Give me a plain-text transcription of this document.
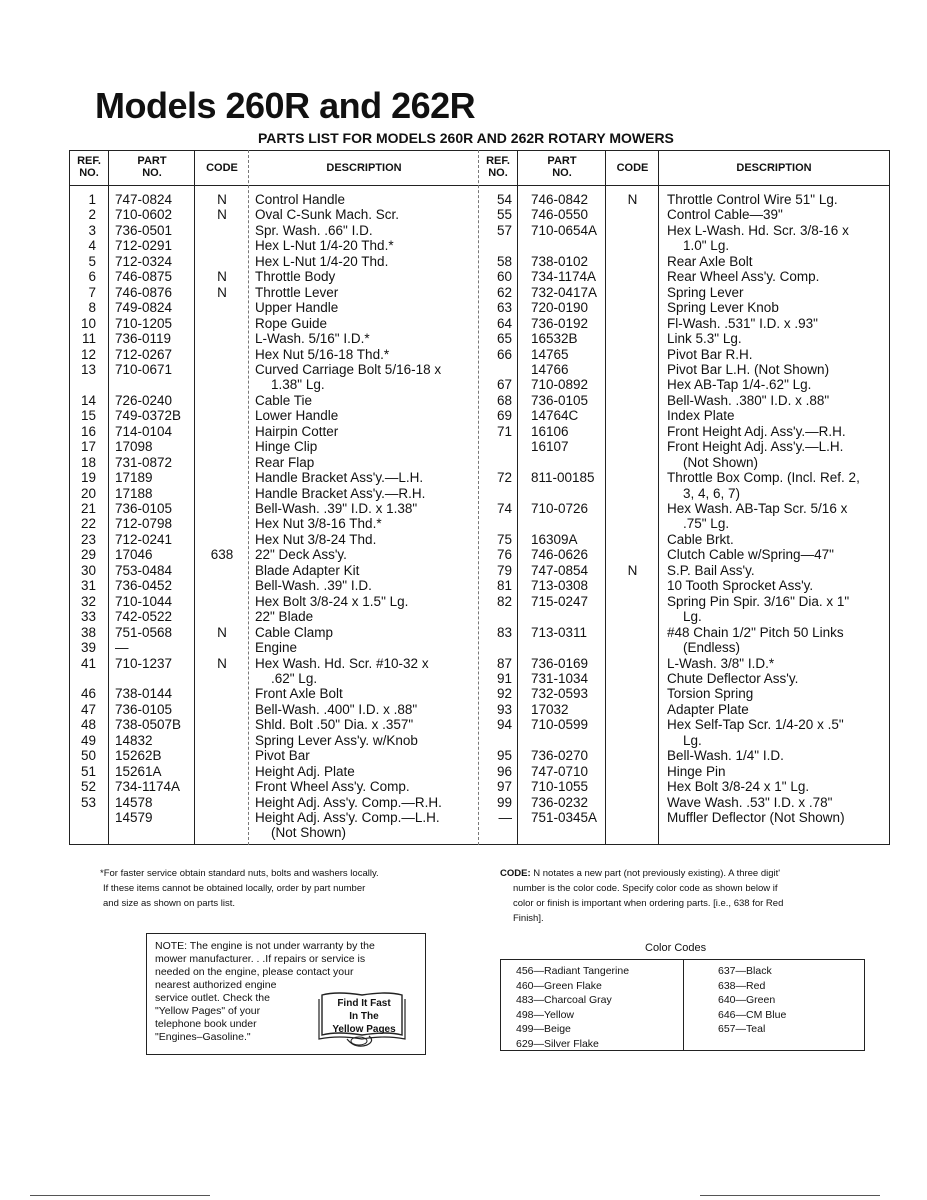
Models 260R and 262R
PARTS LIST FOR MODELS 260R AND 262R ROTARY MOWERS
REF.
NO.
PART
NO.	CODE	DESCRIPTION
REF.
NO.
PART
NO.	CODE	DESCRIPTION
1 747-0824	N	Control Handle
2 710-0602	N	Oval C-Sunk Mach. Scr.
3 736-0501	Spr. Wash. .66" I.D.
4 712-0291	Hex L-Nut 1/4-20 Thd.*
5 712-0324	Hex L-Nut 1/4-20 Thd.
6 746-0875	N	Throttle Body
7 746-0876	N	Throttle Lever
8 749-0824	Upper Handle
10 710-1205	Rope Guide
11 736-0119	L-Wash. 5/16" I.D.*
12 712-0267	Hex Nut 5/16-18 Thd.*
13 710-0671	Curved Carriage Bolt 5/16-18 x
1.38" Lg.
14 726-0240	Cable Tie
15 749-0372B	Lower Handle
16 714-0104	Hairpin Cotter
17 17098	Hinge Clip
18 731-0872	Rear Flap
19 17189	Handle Bracket Ass'y.—L.H.
20 17188	Handle Bracket Ass'y.—R.H.
21 736-0105	Bell-Wash. .39" I.D. x 1.38"
22 712-0798	Hex Nut 3/8-16 Thd.*
23 712-0241	Hex Nut 3/8-24 Thd.
29 17046	638	22" Deck Ass'y.
30 753-0484	Blade Adapter Kit
31 736-0452	Bell-Wash. .39" I.D.
32 710-1044	Hex Bolt 3/8-24 x 1.5" Lg.
33 742-0522	22" Blade
38 751-0568	N	Cable Clamp
39 —	Engine
41 710-1237	N	Hex Wash. Hd. Scr. #10-32 x
.62" Lg.
46 738-0144	Front Axle Bolt
47 736-0105	Bell-Wash. .400" I.D. x .88"
48 738-0507B	Shld. Bolt .50" Dia. x .357"
49 14832	Spring Lever Ass'y. w/Knob
50 15262B	Pivot Bar
51 15261A	Height Adj. Plate
52 734-1174A	Front Wheel Ass'y. Comp.
53 14578	Height Adj. Ass'y. Comp.—R.H.
14579	Height Adj. Ass'y. Comp.—L.H.
(Not Shown)
54 746-0842	N	Throttle Control Wire 51" Lg.
55 746-0550	Control Cable—39"
57 710-0654A	Hex L-Wash. Hd. Scr. 3/8-16 x
1.0" Lg.
58 738-0102	Rear Axle Bolt
60 734-1174A	Rear Wheel Ass'y. Comp.
62 732-0417A	Spring Lever
63 720-0190	Spring Lever Knob
64 736-0192	Fl-Wash. .531" I.D. x .93"
65 16532B	Link 5.3" Lg.
66 14765	Pivot Bar R.H.
14766	Pivot Bar L.H. (Not Shown)
67 710-0892	Hex AB-Tap 1/4-.62" Lg.
68 736-0105	Bell-Wash. .380" I.D. x .88"
69 14764C	Index Plate
71 16106	Front Height Adj. Ass'y.—R.H.
16107	Front Height Adj. Ass'y.—L.H.
(Not Shown)
72 811-00185	Throttle Box Comp. (Incl. Ref. 2,
3, 4, 6, 7)
74 710-0726	Hex Wash. AB-Tap Scr. 5/16 x
.75" Lg.
75 16309A	Cable Brkt.
76 746-0626	Clutch Cable w/Spring—47"
79 747-0854	N	S.P. Bail Ass'y.
81 713-0308	10 Tooth Sprocket Ass'y.
82 715-0247	Spring Pin Spir. 3/16" Dia. x 1"
Lg.
83 713-0311	#48 Chain 1/2" Pitch 50 Links
(Endless)
87 736-0169	L-Wash. 3/8" I.D.*
91 731-1034	Chute Deflector Ass'y.
92 732-0593	Torsion Spring
93 17032	Adapter Plate
94 710-0599	Hex Self-Tap Scr. 1/4-20 x .5"
Lg.
95 736-0270	Bell-Wash. 1/4" I.D.
96 747-0710	Hinge Pin
97 710-1055	Hex Bolt 3/8-24 x 1" Lg.
99 736-0232	Wave Wash. .53" I.D. x .78"
— 751-0345A	Muffler Deflector (Not Shown)
*For faster service obtain standard nuts, bolts and washers locally.
If these items cannot be obtained locally, order by part number
and size as shown on parts list.
CODE: N notates a new part (not previously existing). A three digit'
number is the color code. Specify color code as shown below if
color or finish is important when ordering parts. [i.e., 638 for Red
Finish].
NOTE: The engine is not under warranty by the
mower manufacturer. . .If repairs or service is
needed on the engine, please contact your
nearest authorized engine
service outlet. Check the
"Yellow Pages" of your
telephone book under
"Engines–Gasoline."
Find It Fast
In The
Yellow Pages
Color Codes
456—Radiant Tangerine
460—Green Flake
483—Charcoal Gray
498—Yellow
499—Beige
629—Silver Flake
637—Black
638—Red
640—Green
646—CM Blue
657—Teal
